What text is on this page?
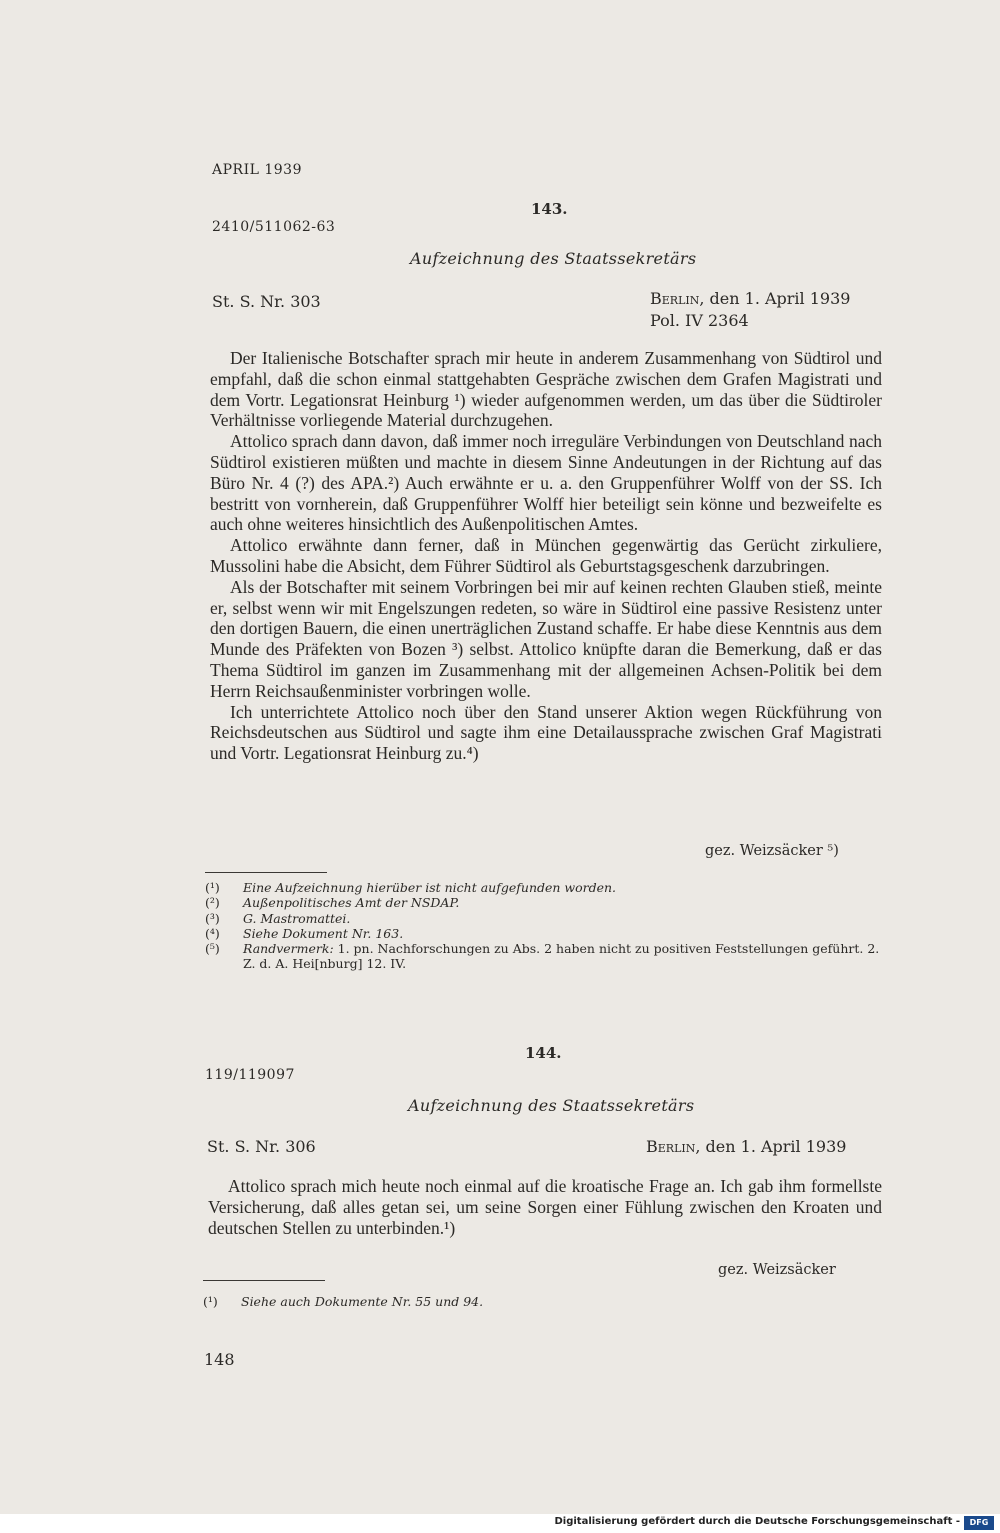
APRIL 1939
143.
2410/511062-63
Aufzeichnung des Staatssekretärs
St. S. Nr. 303	Berlin, den 1. April 1939
Pol. IV 2364

Der Italienische Botschafter sprach mir heute in anderem Zusammenhang von Südtirol und empfahl, daß die schon einmal stattgehabten Gespräche zwischen dem Grafen Magistrati und dem Vortr. Legationsrat Heinburg ¹) wieder aufgenommen werden, um das über die Südtiroler Verhältnisse vorliegende Material durchzugehen.

Attolico sprach dann davon, daß immer noch irreguläre Verbindungen von Deutschland nach Südtirol existieren müßten und machte in diesem Sinne Andeutungen in der Richtung auf das Büro Nr. 4 (?) des APA.²) Auch erwähnte er u. a. den Gruppenführer Wolff von der SS. Ich bestritt von vornherein, daß Gruppenführer Wolff hier beteiligt sein könne und bezweifelte es auch ohne weiteres hinsichtlich des Außenpolitischen Amtes.

Attolico erwähnte dann ferner, daß in München gegenwärtig das Gerücht zirkuliere, Mussolini habe die Absicht, dem Führer Südtirol als Geburtstagsgeschenk darzubringen.

Als der Botschafter mit seinem Vorbringen bei mir auf keinen rechten Glauben stieß, meinte er, selbst wenn wir mit Engelszungen redeten, so wäre in Südtirol eine passive Resistenz unter den dortigen Bauern, die einen unerträglichen Zustand schaffe. Er habe diese Kenntnis aus dem Munde des Präfekten von Bozen ³) selbst. Attolico knüpfte daran die Bemerkung, daß er das Thema Südtirol im ganzen im Zusammenhang mit der allgemeinen Achsen-Politik bei dem Herrn Reichsaußenminister vorbringen wolle.

Ich unterrichtete Attolico noch über den Stand unserer Aktion wegen Rückführung von Reichsdeutschen aus Südtirol und sagte ihm eine Detailaussprache zwischen Graf Magistrati und Vortr. Legationsrat Heinburg zu.⁴)

gez. Weizsäcker ⁵)
(¹)	Eine Aufzeichnung hierüber ist nicht aufgefunden worden.
(²)	Außenpolitisches Amt der NSDAP.
(³)	G. Mastromattei.
(⁴)	Siehe Dokument Nr. 163.
(⁵)	Randvermerk: 1. pn. Nachforschungen zu Abs. 2 haben nicht zu positiven Feststellungen geführt. 2. Z. d. A. Hei[nburg] 12. IV.
144.
119/119097
Aufzeichnung des Staatssekretärs
St. S. Nr. 306	Berlin, den 1. April 1939

Attolico sprach mich heute noch einmal auf die kroatische Frage an. Ich gab ihm formellste Versicherung, daß alles getan sei, um seine Sorgen einer Fühlung zwischen den Kroaten und deutschen Stellen zu unterbinden.¹)

gez. Weizsäcker
(¹)	Siehe auch Dokumente Nr. 55 und 94.
148
Digitalisierung gefördert durch die Deutsche Forschungsgemeinschaft -	DFG
